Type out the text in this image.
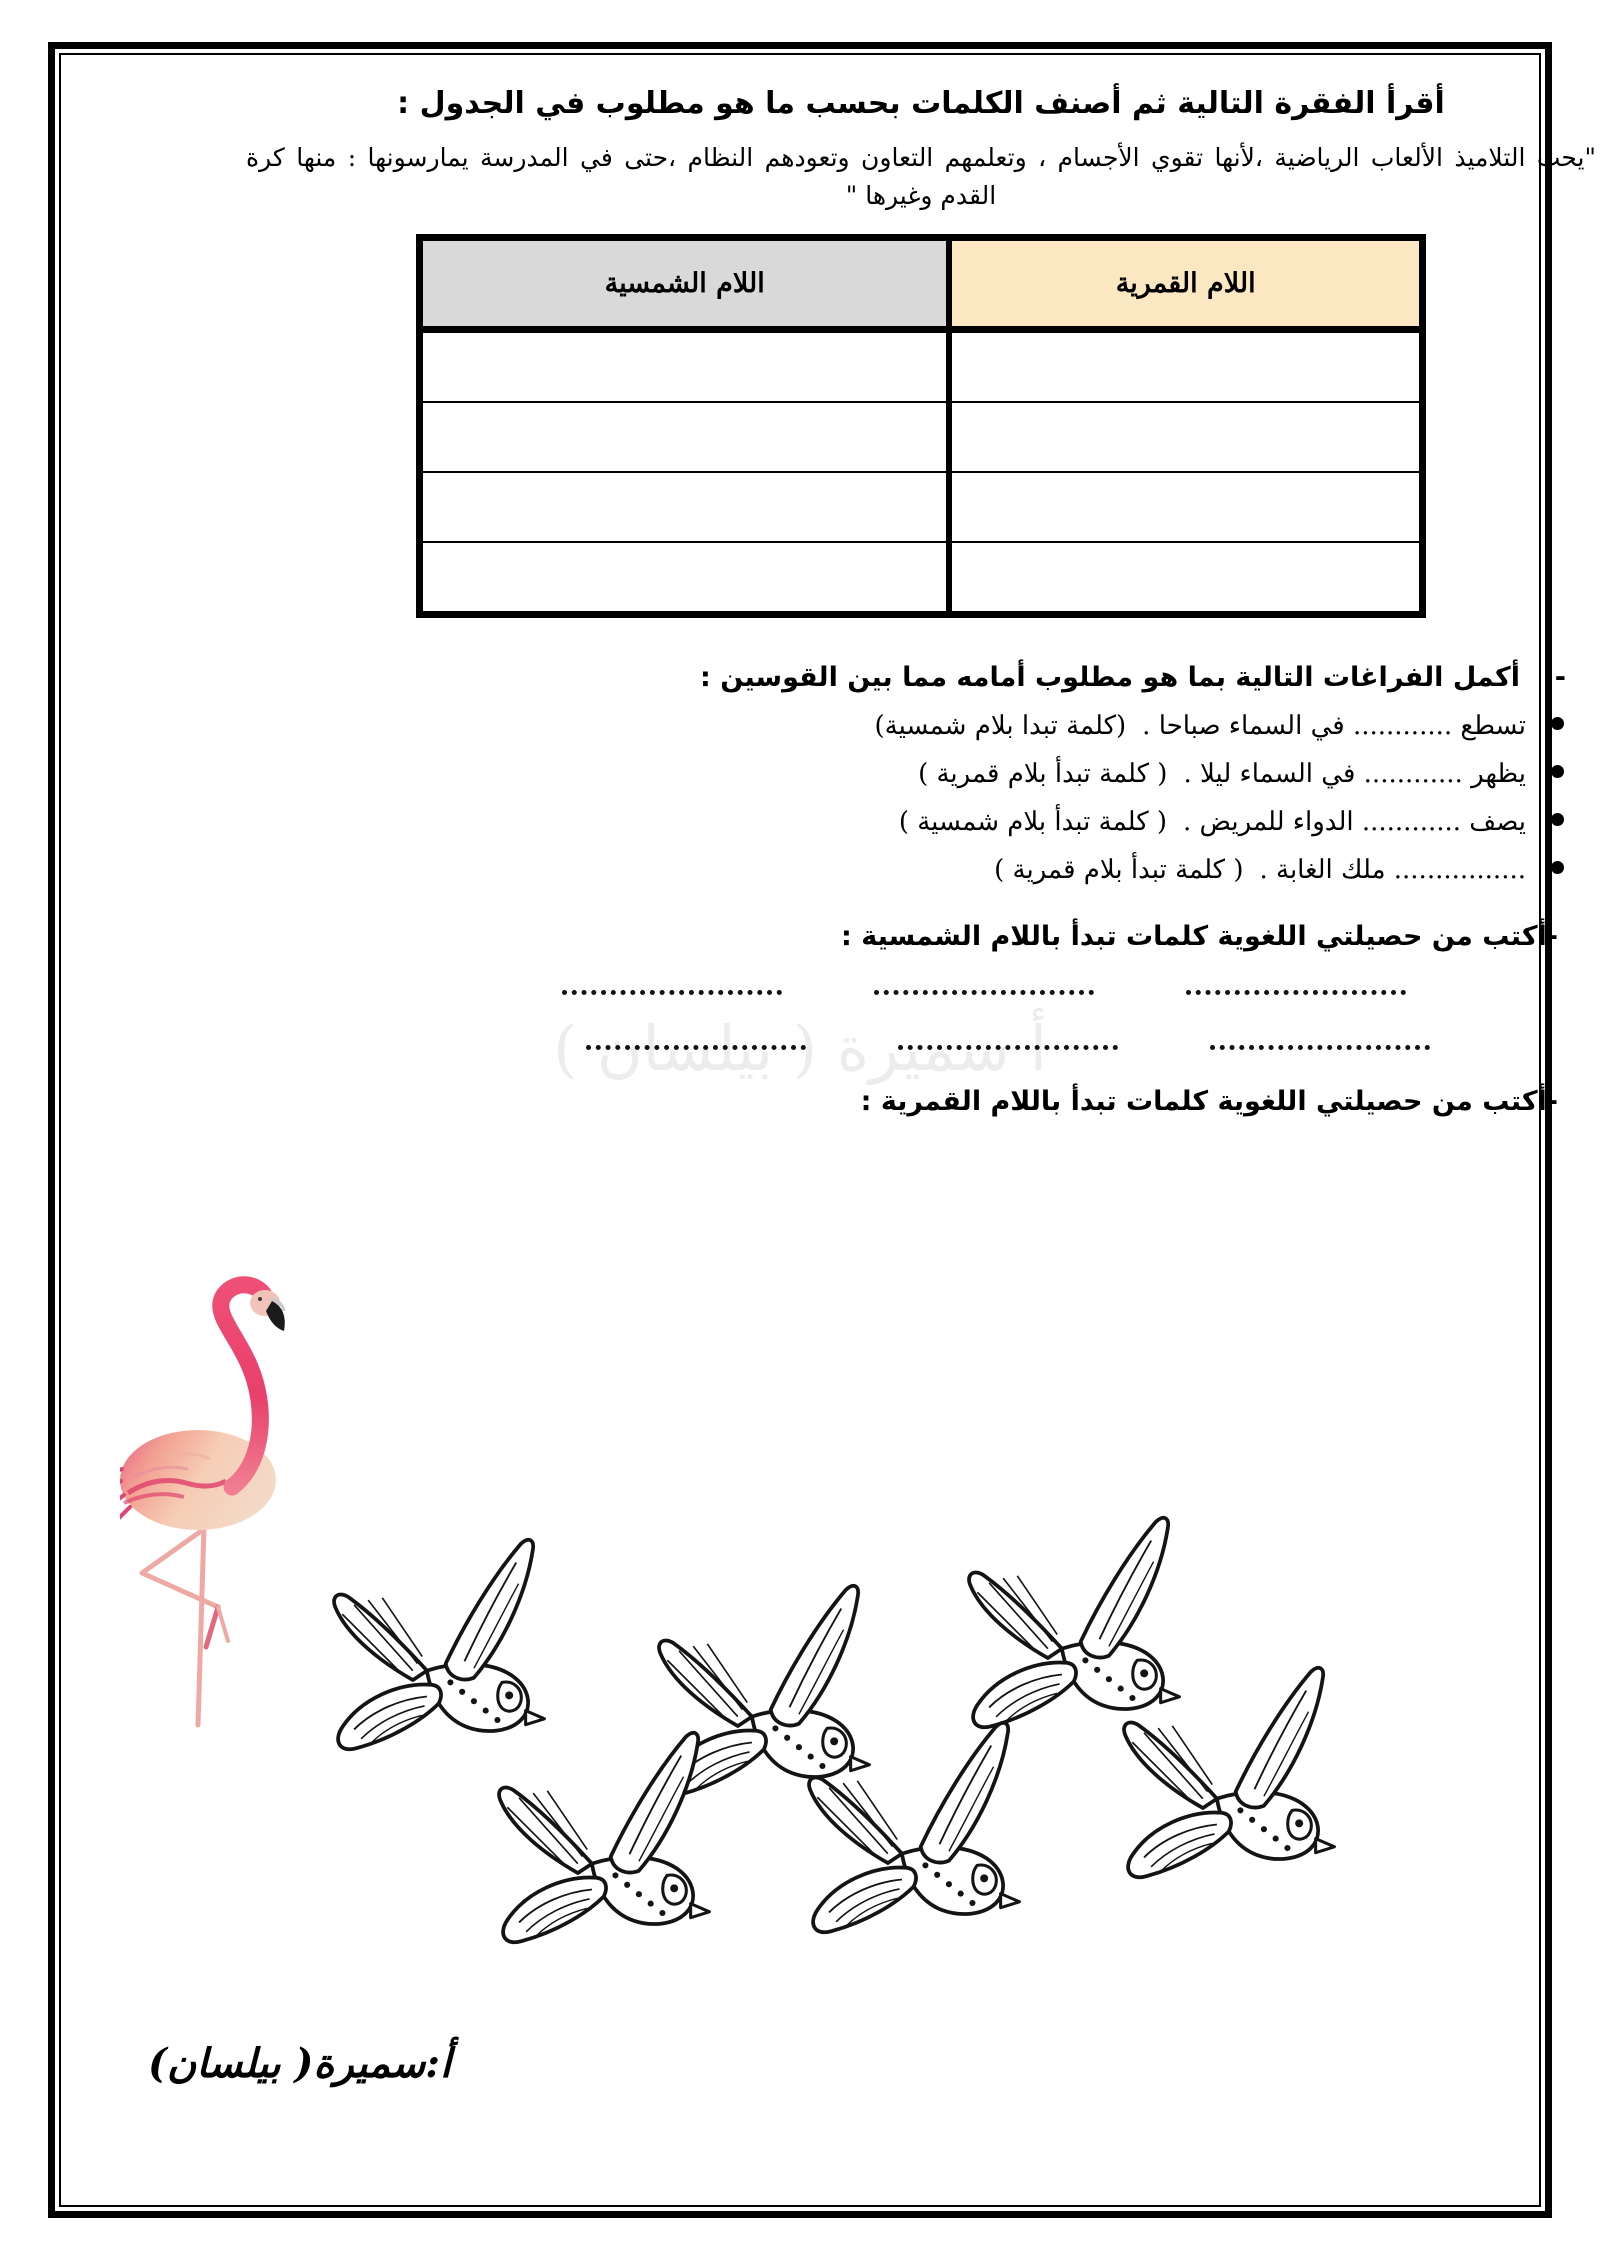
أ سميرة ( بيلسان )
أقرأ الفقرة التالية ثم أصنف الكلمات بحسب ما هو مطلوب في الجدول :
"يحب التلاميذ الألعاب الرياضية ،لأنها تقوي الأجسام ، وتعلمهم التعاون وتعودهم النظام ،حتى في المدرسة يمارسونها : منها كرة القدم وغيرها "
اللام القمرية	اللام الشمسية

-
أكمل الفراغات التالية بما هو مطلوب أمامه مما بين القوسين :
تسطع ............ في السماء صباحا .
(كلمة تبدا بلام شمسية)
يظهر ............ في السماء ليلا .
( كلمة تبدأ بلام قمرية )
يصف ............ الدواء للمريض .
( كلمة تبدأ بلام شمسية )
................ ملك الغابة .
( كلمة تبدأ بلام قمرية )
-أكتب من حصيلتي اللغوية كلمات تبدأ باللام الشمسية :
-أكتب من حصيلتي اللغوية كلمات تبدأ باللام القمرية :
أ:سميرة( بيلسان)
